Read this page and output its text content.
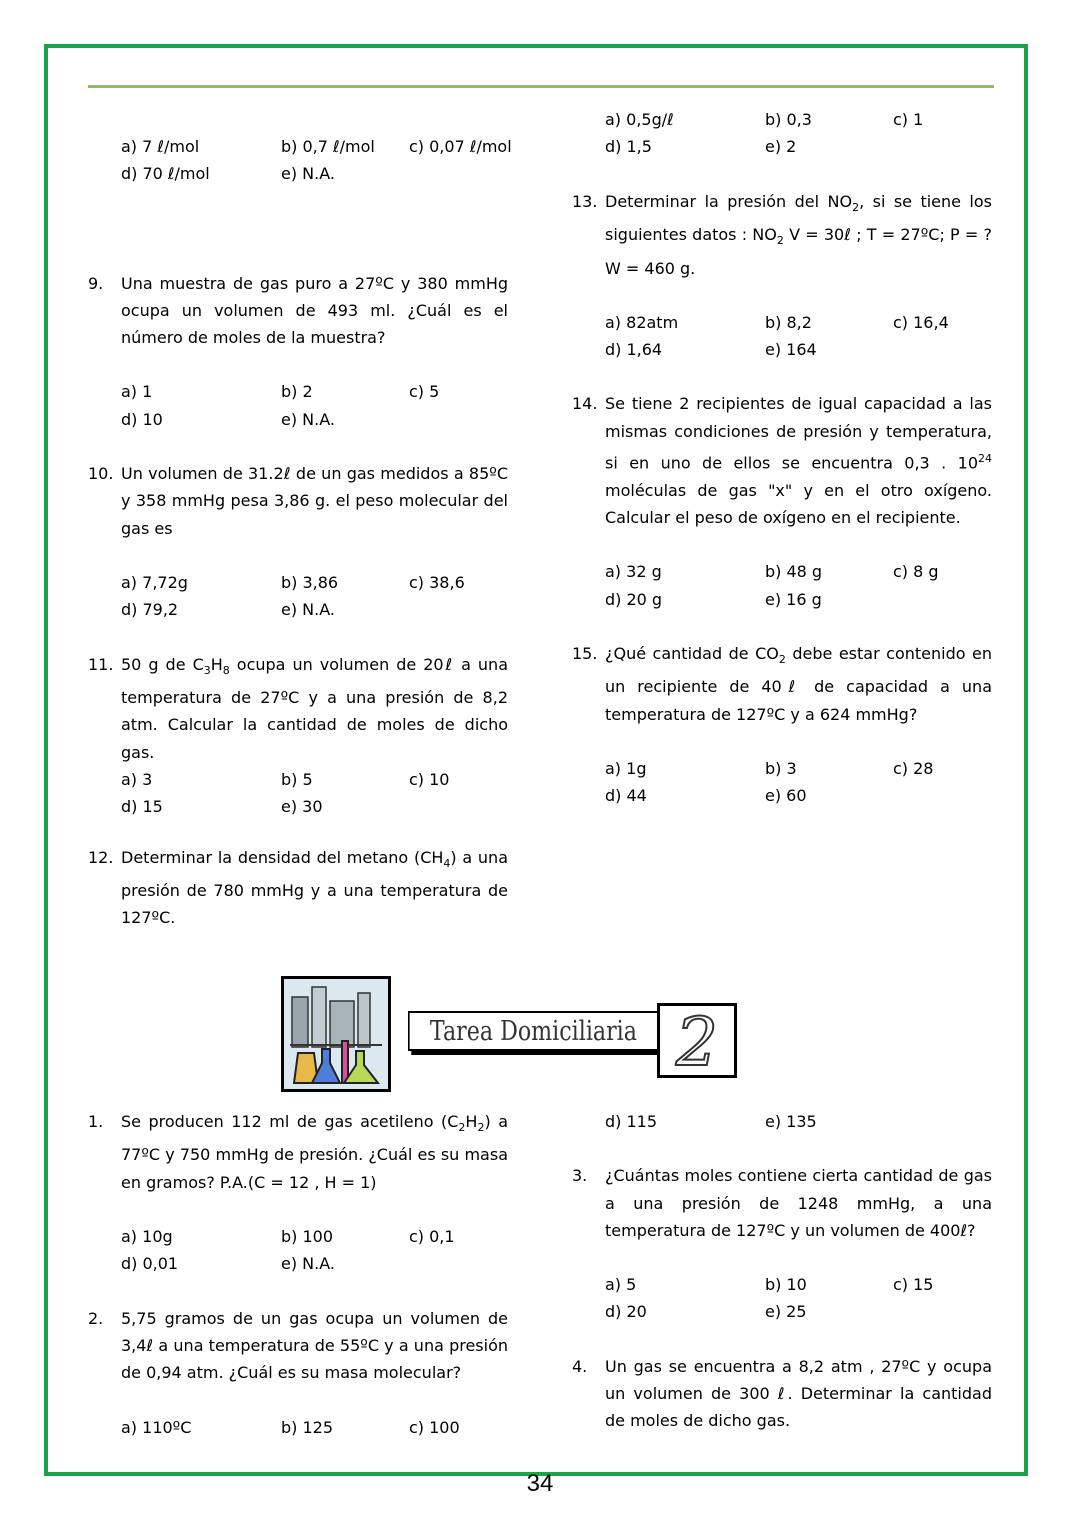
a) 7 ℓ/mol	b) 0,7 ℓ/mol	c) 0,07 ℓ/mol
d) 70 ℓ/mol	e) N.A.
9.	Una muestra de gas puro a 27ºC y 380 mmHg ocupa un volumen de 493 ml. ¿Cuál es el número de moles de la muestra?
a) 1	b) 2	c) 5
d) 10	e) N.A.
10. Un volumen de 31.2ℓ de un gas medidos a 85ºC y 358 mmHg pesa 3,86 g. el peso molecular del gas es
a) 7,72g	b) 3,86	c) 38,6
d) 79,2	e) N.A.
11. 50 g de $C_3H_8$ ocupa un volumen de 20ℓ a una temperatura de 27ºC y a una presión de 8,2 atm. Calcular la cantidad de moles de dicho gas.
a) 3	b) 5	c) 10
d) 15	e) 30
12. Determinar la densidad del metano $(CH_4)$ a una presión de 780 mmHg y a una temperatura de 127ºC.
a) 0,5g/ℓ	b) 0,3	c) 1
d) 1,5	e) 2
13. Determinar la presión del $NO_2$, si se tiene los siguientes datos : $NO_2$ V = 30ℓ ; T = 27ºC; P = ? W = 460 g.
a) 82atm	b) 8,2	c) 16,4
d) 1,64	e) 164
14. Se tiene 2 recipientes de igual capacidad a las mismas condiciones de presión y temperatura, si en uno de ellos se encuentra 0,3 . $10^{24}$ moléculas de gas "x" y en el otro oxígeno. Calcular el peso de oxígeno en el recipiente.
a) 32 g	b) 48 g	c) 8 g
d) 20 g	e) 16 g
15. ¿Qué cantidad de $CO_2$ debe estar contenido en un recipiente de 40ℓ de capacidad a una temperatura de 127ºC y a 624 mmHg?
a) 1g	b) 3	c) 28
d) 44	e) 60
Tarea Domiciliaria 2
1.	Se producen 112 ml de gas acetileno $(C_2H_2)$ a 77ºC y 750 mmHg de presión. ¿Cuál es su masa en gramos? P.A.(C = 12 , H = 1)
a) 10g	b) 100	c) 0,1
d) 0,01	e) N.A.
2.	5,75 gramos de un gas ocupa un volumen de 3,4ℓ a una temperatura de 55ºC y a una presión de 0,94 atm. ¿Cuál es su masa molecular?
a) 110ºC	b) 125	c) 100
d) 115	e) 135
3.	¿Cuántas moles contiene cierta cantidad de gas a una presión de 1248 mmHg, a una temperatura de 127ºC y un volumen de 400ℓ?
a) 5	b) 10	c) 15
d) 20	e) 25
4.	Un gas se encuentra a 8,2 atm , 27ºC y ocupa un volumen de 300 ℓ. Determinar la cantidad de moles de dicho gas.
34
